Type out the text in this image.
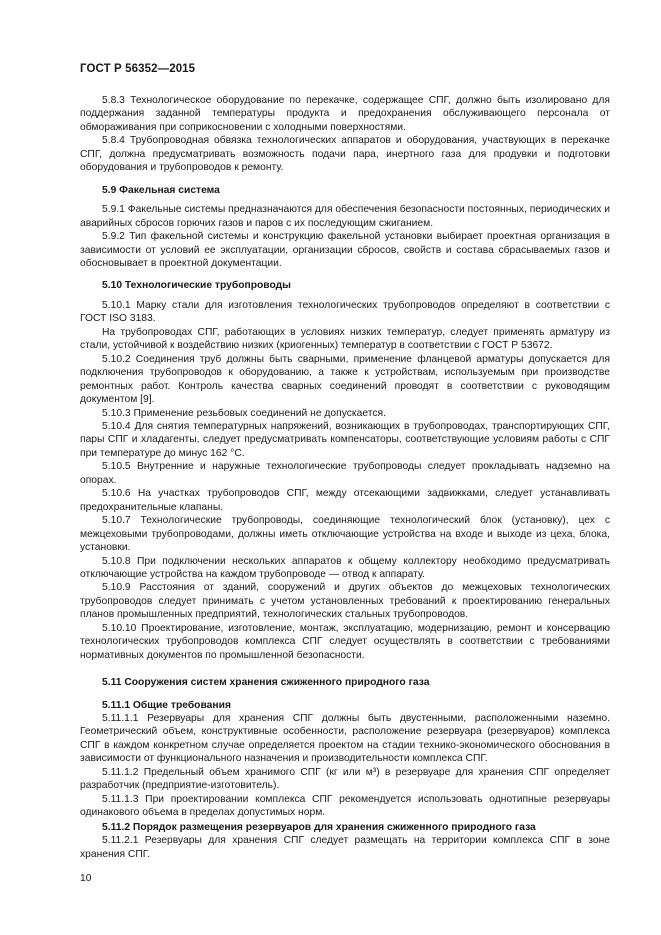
ГОСТ Р 56352—2015

5.8.3 Технологическое оборудование по перекачке, содержащее СПГ, должно быть изолировано для поддержания заданной температуры продукта и предохранения обслуживающего персонала от обмораживания при соприкосновении с холодными поверхностями.

5.8.4 Трубопроводная обвязка технологических аппаратов и оборудования, участвующих в перекачке СПГ, должна предусматривать возможность подачи пара, инертного газа для продувки и подготовки оборудования и трубопроводов к ремонту.

5.9 Факельная система

5.9.1 Факельные системы предназначаются для обеспечения безопасности постоянных, периодических и аварийных сбросов горючих газов и паров с их последующим сжиганием.

5.9.2 Тип факельной системы и конструкцию факельной установки выбирает проектная организация в зависимости от условий ее эксплуатации, организации сбросов, свойств и состава сбрасываемых газов и обосновывает в проектной документации.

5.10 Технологические трубопроводы

5.10.1 Марку стали для изготовления технологических трубопроводов определяют в соответствии с ГОСТ ISO 3183.

На трубопроводах СПГ, работающих в условиях низких температур, следует применять арматуру из стали, устойчивой к воздействию низких (криогенных) температур в соответствии с ГОСТ Р 53672.

5.10.2 Соединения труб должны быть сварными, применение фланцевой арматуры допускается для подключения трубопроводов к оборудованию, а также к устройствам, используемым при производстве ремонтных работ. Контроль качества сварных соединений проводят в соответствии с руководящим документом [9].

5.10.3 Применение резьбовых соединений не допускается.

5.10.4 Для снятия температурных напряжений, возникающих в трубопроводах, транспортирующих СПГ, пары СПГ и хладагенты, следует предусматривать компенсаторы, соответствующие условиям работы с СПГ при температуре до минус 162 °С.

5.10.5 Внутренние и наружные технологические трубопроводы следует прокладывать надземно на опорах.

5.10.6 На участках трубопроводов СПГ, между отсекающими задвижками, следует устанавливать предохранительные клапаны.

5.10.7 Технологические трубопроводы, соединяющие технологический блок (установку), цех с межцеховыми трубопроводами, должны иметь отключающие устройства на входе и выходе из цеха, блока, установки.

5.10.8 При подключении нескольких аппаратов к общему коллектору необходимо предусматривать отключающие устройства на каждом трубопроводе — отвод к аппарату.

5.10.9 Расстояния от зданий, сооружений и других объектов до межцеховых технологических трубопроводов следует принимать с учетом установленных требований к проектированию генеральных планов промышленных предприятий, технологических стальных трубопроводов.

5.10.10 Проектирование, изготовление, монтаж, эксплуатацию, модернизацию, ремонт и консервацию технологических трубопроводов комплекса СПГ следует осуществлять в соответствии с требованиями нормативных документов по промышленной безопасности.

5.11 Сооружения систем хранения сжиженного природного газа
5.11.1 Общие требования

5.11.1.1 Резервуары для хранения СПГ должны быть двустенными, расположенными наземно. Геометрический объем, конструктивные особенности, расположение резервуара (резервуаров) комплекса СПГ в каждом конкретном случае определяется проектом на стадии технико-экономического обоснования в зависимости от функционального назначения и производительности комплекса СПГ.

5.11.1.2 Предельный объем хранимого СПГ (кг или м³) в резервуаре для хранения СПГ определяет разработчик (предприятие-изготовитель).

5.11.1.3 При проектировании комплекса СПГ рекомендуется использовать однотипные резервуары одинакового объема в пределах допустимых норм.

5.11.2 Порядок размещения резервуаров для хранения сжиженного природного газа

5.11.2.1 Резервуары для хранения СПГ следует размещать на территории комплекса СПГ в зоне хранения СПГ.

10
